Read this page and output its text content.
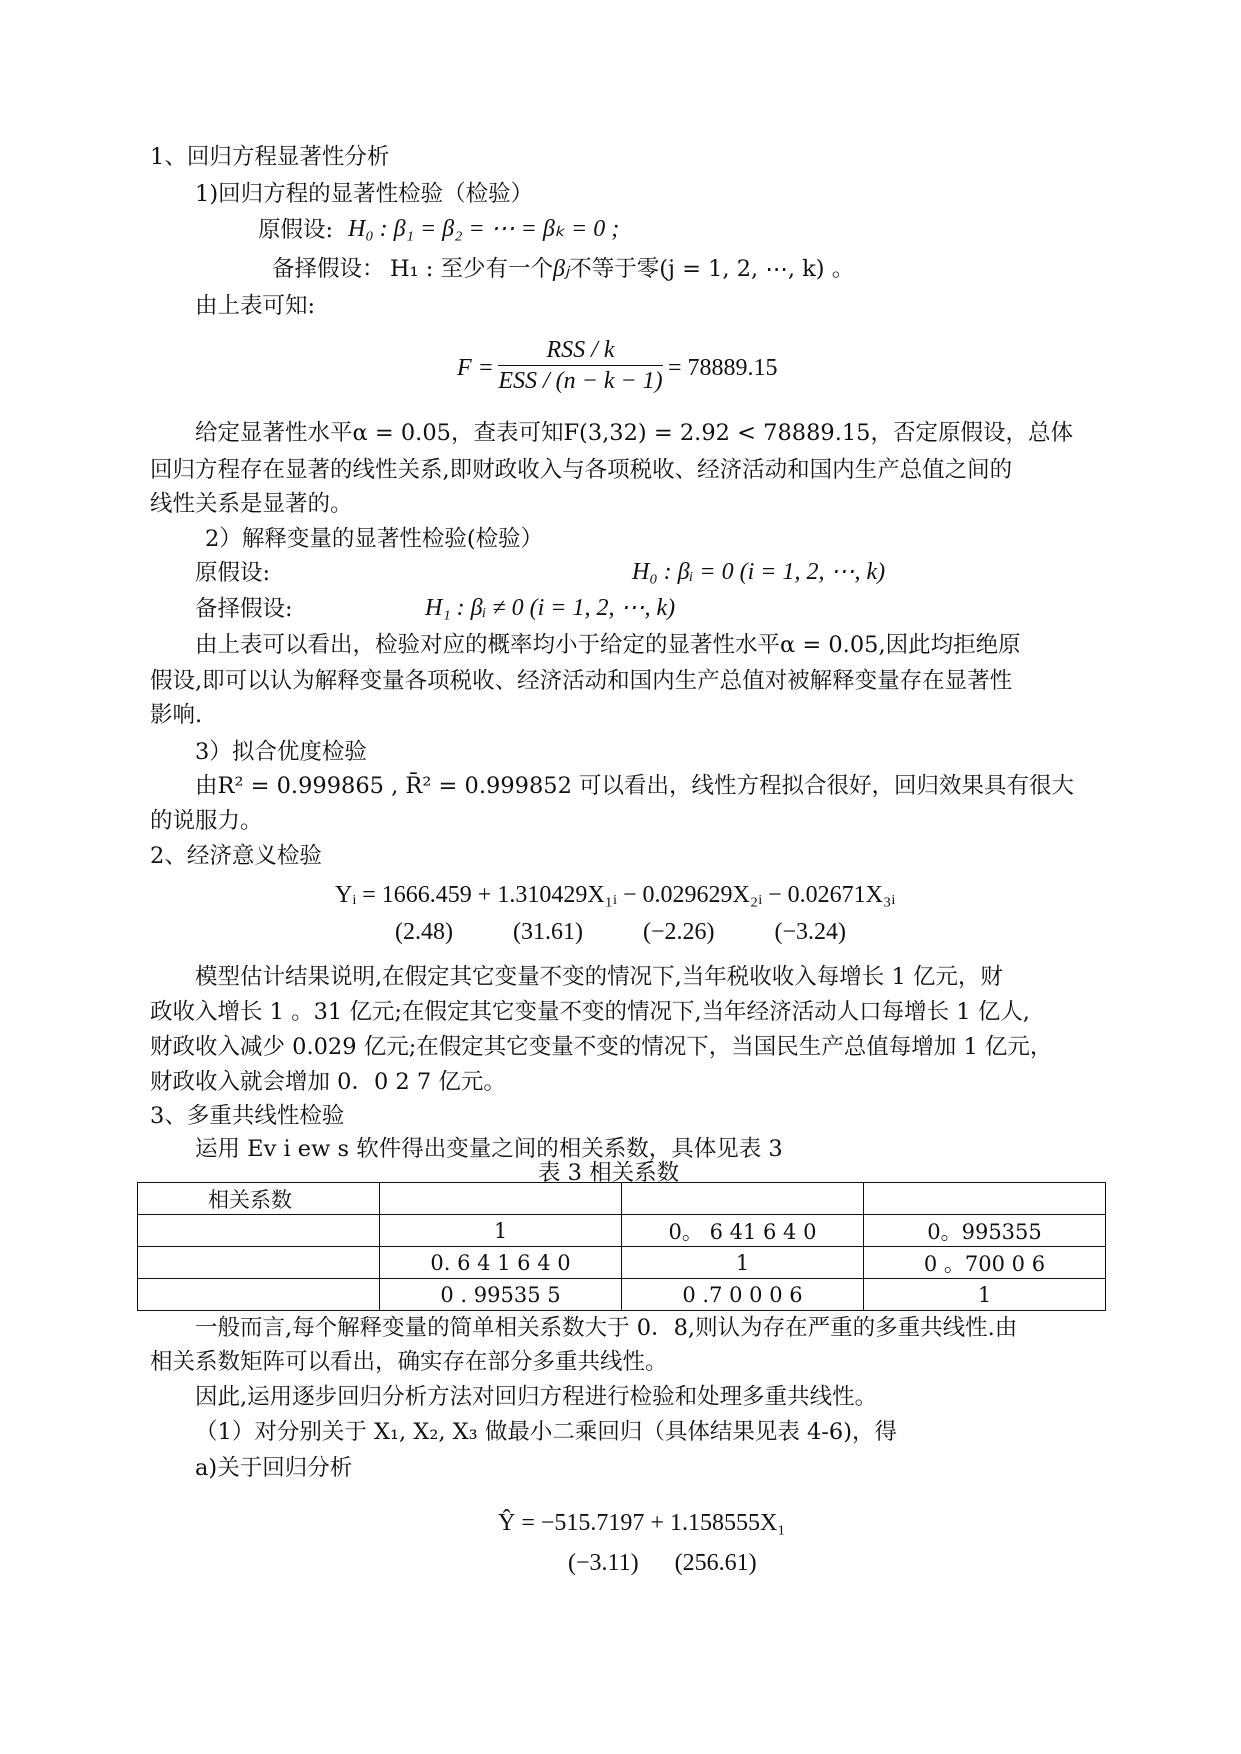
1、回归方程显著性分析
1)回归方程的显著性检验（检验）
原假设: H₀ : β₁ = β₂ = ⋯ = βₖ = 0 ;
备择假设： H₁ : 至少有一个βⱼ不等于零(j = 1, 2, ⋯, k) 。
由上表可知:
F =
RSS / k
ESS / (n − k − 1) = 78889.15
给定显著性水平α = 0.05，查表可知F(3,32) = 2.92 < 78889.15，否定原假设，总体
回归方程存在显著的线性关系,即财政收入与各项税收、经济活动和国内生产总值之间的
线性关系是显著的。
2）解释变量的显著性检验(检验）
原假设:	H₀ : βᵢ = 0 (i = 1, 2, ⋯, k)
备择假设:	H₁ : βᵢ ≠ 0 (i = 1, 2, ⋯, k)
由上表可以看出，检验对应的概率均小于给定的显著性水平α = 0.05,因此均拒绝原
假设,即可以认为解释变量各项税收、经济活动和国内生产总值对被解释变量存在显著性
影响.
3）拟合优度检验
由R² = 0.999865 , R̄² = 0.999852 可以看出，线性方程拟合很好，回归效果具有很大
的说服力。
2、经济意义检验
Yᵢ = 1666.459 + 1.310429X₁ᵢ − 0.029629X₂ᵢ − 0.02671X₃ᵢ
(2.48)          (31.61)          (−2.26)          (−3.24)
模型估计结果说明,在假定其它变量不变的情况下,当年税收收入每增长 1 亿元，财
政收入增长 1 。31 亿元;在假定其它变量不变的情况下,当年经济活动人口每增长 1 亿人,
财政收入减少 0.029 亿元;在假定其它变量不变的情况下，当国民生产总值每增加 1 亿元，
财政收入就会增加 0．0 2 7 亿元。
3、多重共线性检验
运用 Ev i ew s 软件得出变量之间的相关系数，具体见表 3
表 3 相关系数
相关系数			
	1	0。 6 41 6 4 0	0。995355
	0. 6 4 1 6 4 0	1	0 。700 0 6
	0 . 99535 5	0 .7 0 0 0 6	1
一般而言,每个解释变量的简单相关系数大于 0．8,则认为存在严重的多重共线性.由
相关系数矩阵可以看出，确实存在部分多重共线性。
因此,运用逐步回归分析方法对回归方程进行检验和处理多重共线性。
（1）对分别关于 X₁, X₂, X₃ 做最小二乘回归（具体结果见表 4-6)，得
a)关于回归分析
Ŷ = −515.7197 + 1.158555X₁
(−3.11)      (256.61)
